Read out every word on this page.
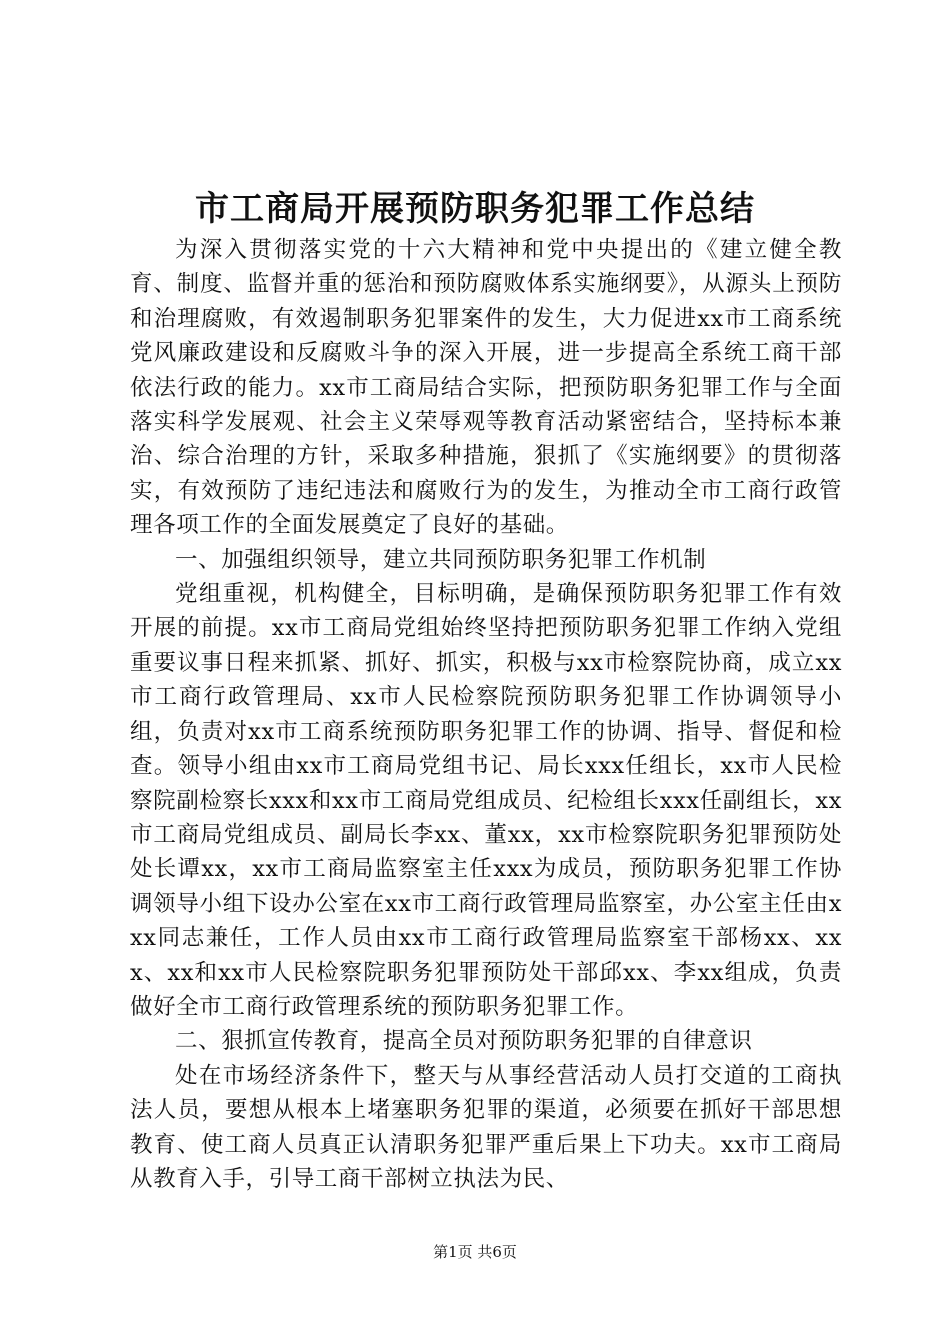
市工商局开展预防职务犯罪工作总结

为深入贯彻落实党的十六大精神和党中央提出的《建立健全教育、制度、监督并重的惩治和预防腐败体系实施纲要》，从源头上预防和治理腐败，有效遏制职务犯罪案件的发生，大力促进xx市工商系统党风廉政建设和反腐败斗争的深入开展，进一步提高全系统工商干部依法行政的能力。xx市工商局结合实际，把预防职务犯罪工作与全面落实科学发展观、社会主义荣辱观等教育活动紧密结合，坚持标本兼治、综合治理的方针，采取多种措施，狠抓了《实施纲要》的贯彻落实，有效预防了违纪违法和腐败行为的发生，为推动全市工商行政管理各项工作的全面发展奠定了良好的基础。

一、加强组织领导，建立共同预防职务犯罪工作机制

党组重视，机构健全，目标明确，是确保预防职务犯罪工作有效开展的前提。xx市工商局党组始终坚持把预防职务犯罪工作纳入党组重要议事日程来抓紧、抓好、抓实，积极与xx市检察院协商，成立xx市工商行政管理局、xx市人民检察院预防职务犯罪工作协调领导小组，负责对xx市工商系统预防职务犯罪工作的协调、指导、督促和检查。领导小组由xx市工商局党组书记、局长xxx任组长，xx市人民检察院副检察长xxx和xx市工商局党组成员、纪检组长xxx任副组长，xx市工商局党组成员、副局长李xx、董xx，xx市检察院职务犯罪预防处处长谭xx，xx市工商局监察室主任xxx为成员，预防职务犯罪工作协调领导小组下设办公室在xx市工商行政管理局监察室，办公室主任由xxx同志兼任，工作人员由xx市工商行政管理局监察室干部杨xx、xxx、xx和xx市人民检察院职务犯罪预防处干部邱xx、李xx组成，负责做好全市工商行政管理系统的预防职务犯罪工作。

二、狠抓宣传教育，提高全员对预防职务犯罪的自律意识

处在市场经济条件下，整天与从事经营活动人员打交道的工商执法人员，要想从根本上堵塞职务犯罪的渠道，必须要在抓好干部思想教育、使工商人员真正认清职务犯罪严重后果上下功夫。xx市工商局从教育入手，引导工商干部树立执法为民、

第1页 共6页
